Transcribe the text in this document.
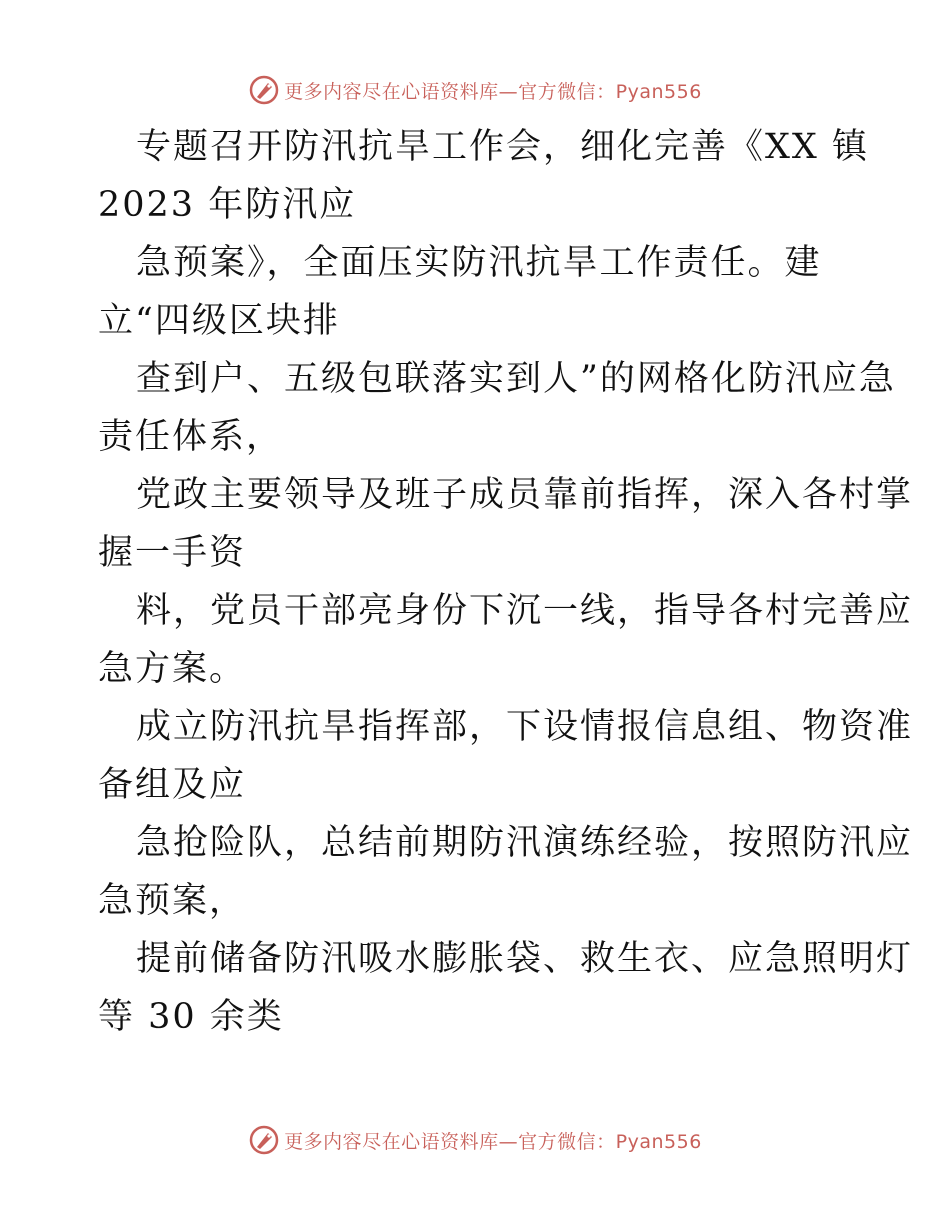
更多内容尽在心语资料库—官方微信：Pyan556
专题召开防汛抗旱工作会，细化完善《XX 镇
2023 年防汛应
急预案》，全面压实防汛抗旱工作责任。建
立“四级区块排
查到户、五级包联落实到人”的网格化防汛应急
责任体系，
党政主要领导及班子成员靠前指挥，深入各村掌
握一手资
料，党员干部亮身份下沉一线，指导各村完善应
急方案。
成立防汛抗旱指挥部，下设情报信息组、物资准
备组及应
急抢险队，总结前期防汛演练经验，按照防汛应
急预案，
提前储备防汛吸水膨胀袋、救生衣、应急照明灯
等 30 余类
更多内容尽在心语资料库—官方微信：Pyan556
